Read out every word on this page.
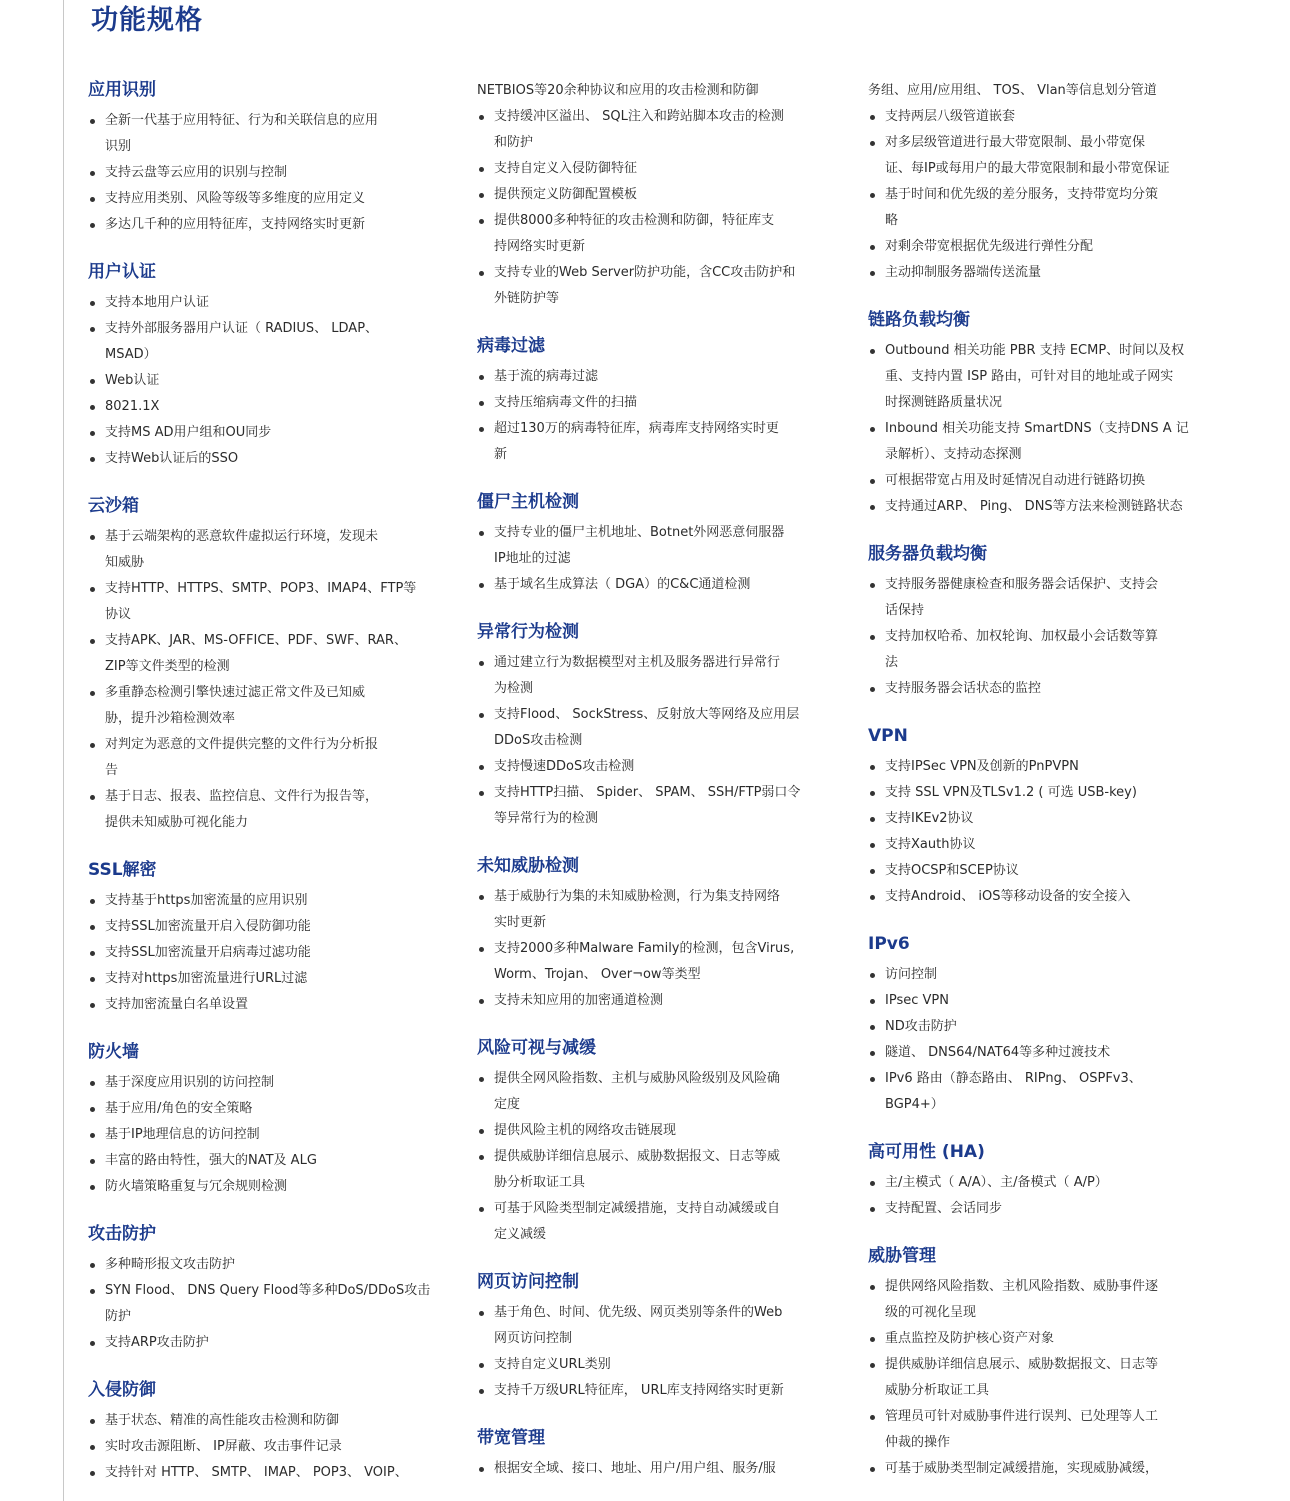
功能规格
应用识别
全新一代基于应用特征、行为和关联信息的应用
识别
支持云盘等云应用的识别与控制
支持应用类别、风险等级等多维度的应用定义
多达几千种的应用特征库，支持网络实时更新
用户认证
支持本地用户认证
支持外部服务器用户认证（ RADIUS、 LDAP、
MSAD）
Web认证
8021.1X
支持MS AD用户组和OU同步
支持Web认证后的SSO
云沙箱
基于云端架构的恶意软件虚拟运行环境，发现未
知威胁
支持HTTP、HTTPS、SMTP、POP3、IMAP4、FTP等
协议
支持APK、JAR、MS-OFFICE、PDF、SWF、RAR、
ZIP等文件类型的检测
多重静态检测引擎快速过滤正常文件及已知威
胁，提升沙箱检测效率
对判定为恶意的文件提供完整的文件行为分析报
告
基于日志、报表、监控信息、文件行为报告等，
提供未知威胁可视化能力
SSL解密
支持基于https加密流量的应用识别
支持SSL加密流量开启入侵防御功能
支持SSL加密流量开启病毒过滤功能
支持对https加密流量进行URL过滤
支持加密流量白名单设置
防火墙
基于深度应用识别的访问控制
基于应用/角色的安全策略
基于IP地理信息的访问控制
丰富的路由特性，强大的NAT及 ALG
防火墙策略重复与冗余规则检测
攻击防护
多种畸形报文攻击防护
SYN Flood、 DNS Query Flood等多种DoS/DDoS攻击
防护
支持ARP攻击防护
入侵防御
基于状态、精准的高性能攻击检测和防御
实时攻击源阻断、 IP屏蔽、攻击事件记录
支持针对 HTTP、 SMTP、 IMAP、 POP3、 VOIP、

NETBIOS等20余种协议和应用的攻击检测和防御

支持缓冲区溢出、 SQL注入和跨站脚本攻击的检测
和防护
支持自定义入侵防御特征
提供预定义防御配置模板
提供8000多种特征的攻击检测和防御，特征库支
持网络实时更新
支持专业的Web Server防护功能，含CC攻击防护和
外链防护等
病毒过滤
基于流的病毒过滤
支持压缩病毒文件的扫描
超过130万的病毒特征库，病毒库支持网络实时更
新
僵尸主机检测
支持专业的僵尸主机地址、Botnet外网恶意伺服器
IP地址的过滤
基于域名生成算法（ DGA）的C&C通道检测
异常行为检测
通过建立行为数据模型对主机及服务器进行异常行
为检测
支持Flood、 SockStress、反射放大等网络及应用层
DDoS攻击检测
支持慢速DDoS攻击检测
支持HTTP扫描、 Spider、 SPAM、 SSH/FTP弱口令
等异常行为的检测
未知威胁检测
基于威胁行为集的未知威胁检测，行为集支持网络
实时更新
支持2000多种Malware Family的检测，包含Virus,
Worm、Trojan、 Over¬ow等类型
支持未知应用的加密通道检测
风险可视与减缓
提供全网风险指数、主机与威胁风险级别及风险确
定度
提供风险主机的网络攻击链展现
提供威胁详细信息展示、威胁数据报文、日志等威
胁分析取证工具
可基于风险类型制定减缓措施，支持自动减缓或自
定义减缓
网页访问控制
基于角色、时间、优先级、网页类别等条件的Web
网页访问控制
支持自定义URL类别
支持千万级URL特征库， URL库支持网络实时更新
带宽管理
根据安全域、接口、地址、用户/用户组、服务/服

务组、应用/应用组、 TOS、 Vlan等信息划分管道

支持两层八级管道嵌套
对多层级管道进行最大带宽限制、最小带宽保
证、每IP或每用户的最大带宽限制和最小带宽保证
基于时间和优先级的差分服务，支持带宽均分策
略
对剩余带宽根据优先级进行弹性分配
主动抑制服务器端传送流量
链路负载均衡
Outbound 相关功能 PBR 支持 ECMP、时间以及权
重、支持内置 ISP 路由，可针对目的地址或子网实
时探测链路质量状况
Inbound 相关功能支持 SmartDNS（支持DNS A 记
录解析）、支持动态探测
可根据带宽占用及时延情况自动进行链路切换
支持通过ARP、 Ping、 DNS等方法来检测链路状态
服务器负载均衡
支持服务器健康检查和服务器会话保护、支持会
话保持
支持加权哈希、加权轮询、加权最小会话数等算
法
支持服务器会话状态的监控
VPN
支持IPSec VPN及创新的PnPVPN
支持 SSL VPN及TLSv1.2 ( 可选 USB-key)
支持IKEv2协议
支持Xauth协议
支持OCSP和SCEP协议
支持Android、 iOS等移动设备的安全接入
IPv6
访问控制
IPsec VPN
ND攻击防护
隧道、 DNS64/NAT64等多种过渡技术
IPv6 路由（静态路由、 RIPng、 OSPFv3、
BGP4+）
高可用性 (HA)
主/主模式（ A/A）、主/备模式（ A/P）
支持配置、会话同步
威胁管理
提供网络风险指数、主机风险指数、威胁事件逐
级的可视化呈现
重点监控及防护核心资产对象
提供威胁详细信息展示、威胁数据报文、日志等
威胁分析取证工具
管理员可针对威胁事件进行误判、已处理等人工
仲裁的操作
可基于威胁类型制定减缓措施，实现威胁减缓，
